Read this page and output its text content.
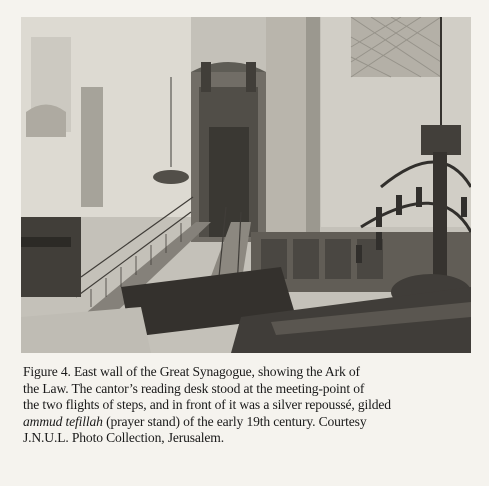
Figure 4. East wall of the Great Synagogue, showing the Ark of
the Law. The cantor’s reading desk stood at the meeting-point of
the two flights of steps, and in front of it was a silver repoussé, gilded
ammud tefillah (prayer stand) of the early 19th century. Courtesy
J.N.U.L. Photo Collection, Jerusalem.
